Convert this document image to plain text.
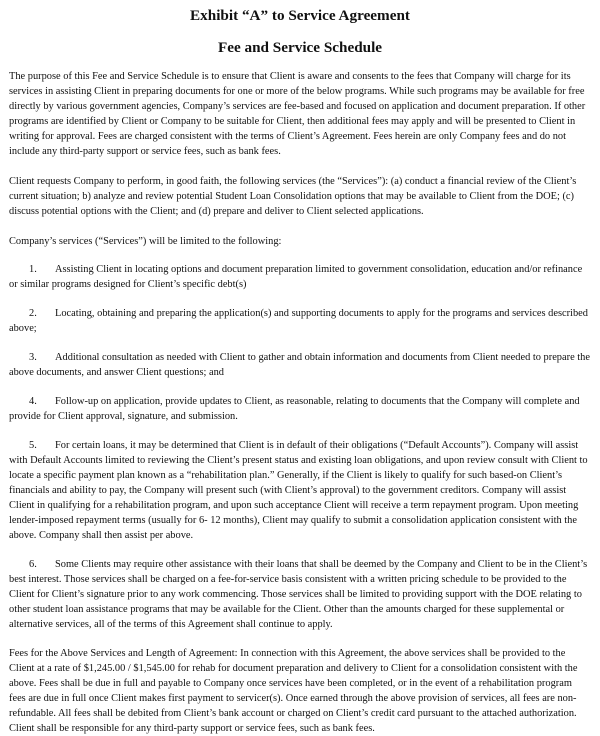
Exhibit “A” to Service Agreement
Fee and Service Schedule

The purpose of this Fee and Service Schedule is to ensure that Client is aware and consents to the fees that Company will charge for its services in assisting Client in preparing documents for one or more of the below programs. While such programs may be available for free directly by various government agencies, Company’s services are fee-based and focused on application and document preparation. If other programs are identified by Client or Company to be suitable for Client, then additional fees may apply and will be presented to Client in writing for approval. Fees are charged consistent with the terms of Client’s Agreement. Fees herein are only Company fees and do not include any third-party support or service fees, such as bank fees.

Client requests Company to perform, in good faith, the following services (the “Services”): (a) conduct a financial review of the Client’s current situation; b) analyze and review potential Student Loan Consolidation options that may be available to Client from the DOE; (c) discuss potential options with the Client; and (d) prepare and deliver to Client selected applications.

Company’s services (“Services”) will be limited to the following:

1. Assisting Client in locating options and document preparation limited to government consolidation, education and/or refinance or similar programs designed for Client’s specific debt(s)

2. Locating, obtaining and preparing the application(s) and supporting documents to apply for the programs and services described above;

3. Additional consultation as needed with Client to gather and obtain information and documents from Client needed to prepare the above documents, and answer Client questions; and

4. Follow-up on application, provide updates to Client, as reasonable, relating to documents that the Company will complete and provide for Client approval, signature, and submission.

5. For certain loans, it may be determined that Client is in default of their obligations (“Default Accounts”). Company will assist with Default Accounts limited to reviewing the Client’s present status and existing loan obligations, and upon review consult with Client to locate a specific payment plan known as a “rehabilitation plan.” Generally, if the Client is likely to qualify for such based-on Client’s financials and ability to pay, the Company will present such (with Client’s approval) to the government creditors. Company will assist Client in qualifying for a rehabilitation program, and upon such acceptance Client will receive a term repayment program. Upon meeting lender-imposed repayment terms (usually for 6- 12 months), Client may qualify to submit a consolidation application consistent with the above. Company shall then assist per above.

6. Some Clients may require other assistance with their loans that shall be deemed by the Company and Client to be in the Client’s best interest. Those services shall be charged on a fee-for-service basis consistent with a written pricing schedule to be provided to the Client for Client’s signature prior to any work commencing. Those services shall be limited to providing support with the DOE relating to other student loan assistance programs that may be available for the Client. Other than the amounts charged for these supplemental or alternative services, all of the terms of this Agreement shall continue to apply.

Fees for the Above Services and Length of Agreement: In connection with this Agreement, the above services shall be provided to the Client at a rate of $1,245.00 / $1,545.00 for rehab for document preparation and delivery to Client for a consolidation consistent with the above. Fees shall be due in full and payable to Company once services have been completed, or in the event of a rehabilitation program fees are due in full once Client makes first payment to servicer(s). Once earned through the above provision of services, all fees are non- refundable. All fees shall be debited from Client’s bank account or charged on Client’s credit card pursuant to the attached authorization. Client shall be responsible for any third-party support or service fees, such as bank fees.
